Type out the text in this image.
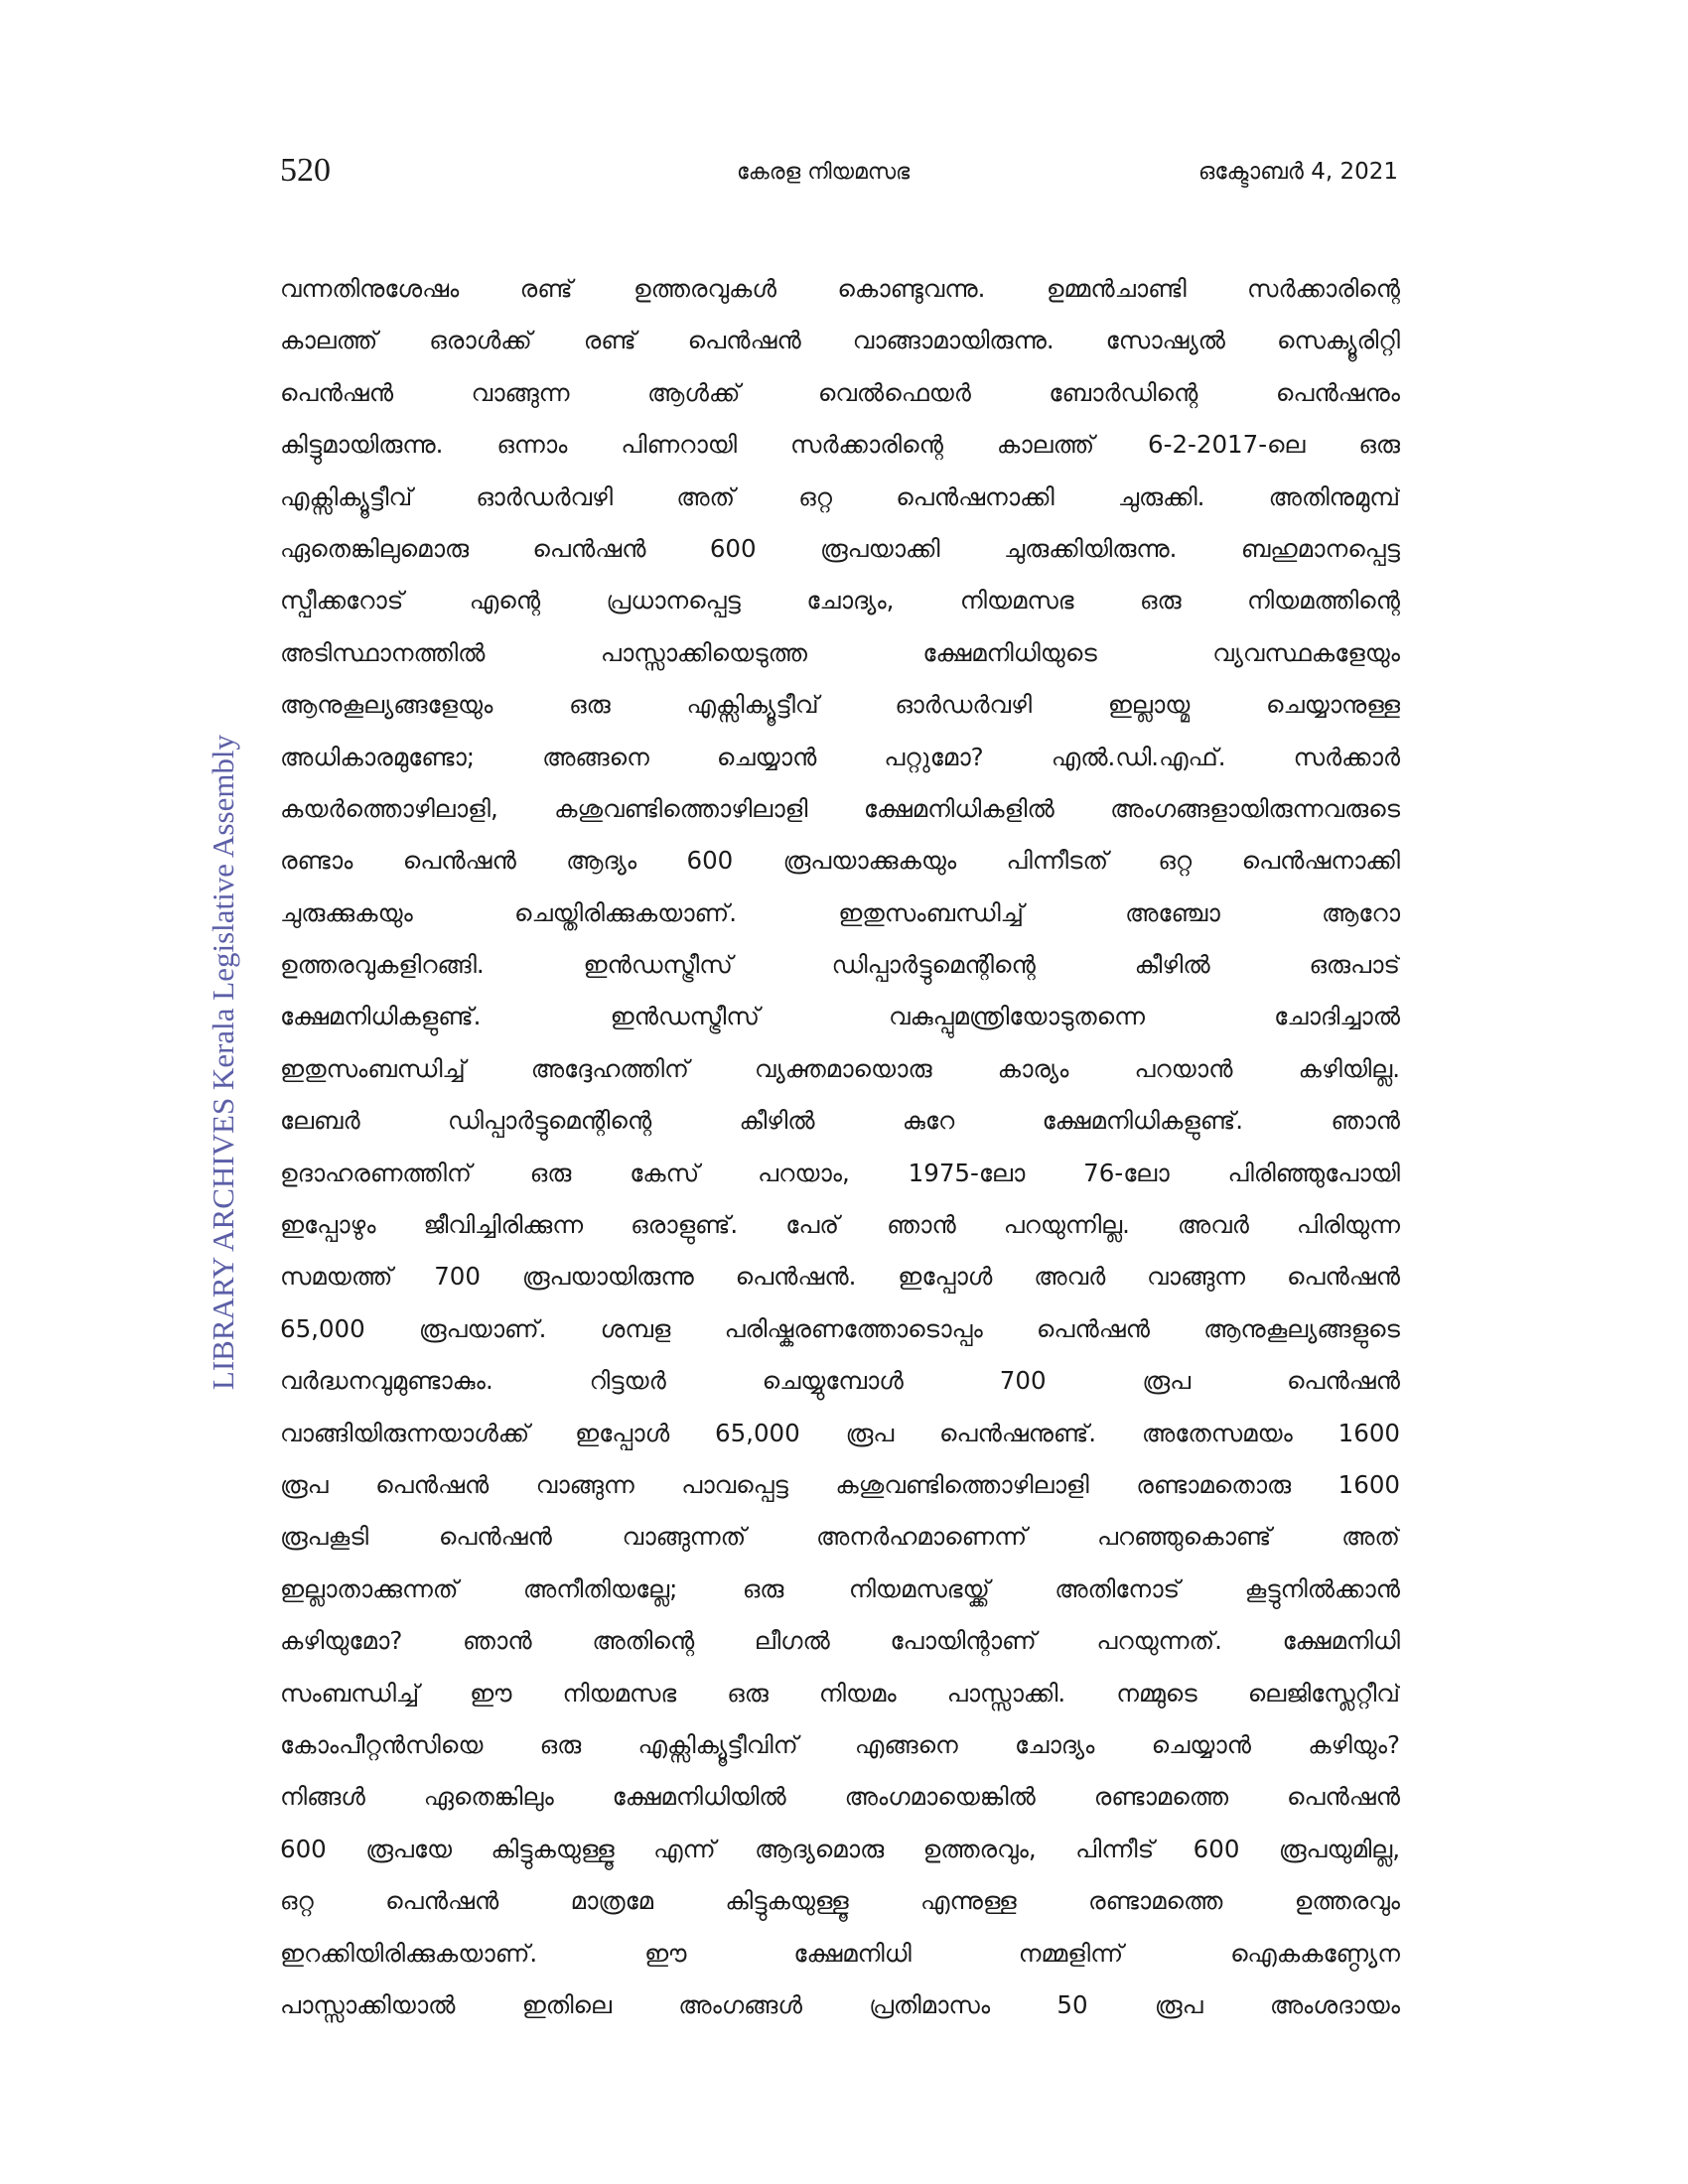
520	കേരള നിയമസഭ	ഒക്ടോബർ 4, 2021
LIBRARY ARCHIVES Kerala Legislative Assembly
വന്നതിനുശേഷം രണ്ട് ഉത്തരവുകൾ കൊണ്ടുവന്നു. ഉമ്മൻചാണ്ടി സർക്കാരിന്റെ
കാലത്ത് ഒരാൾക്ക് രണ്ട് പെൻഷൻ വാങ്ങാമായിരുന്നു. സോഷ്യൽ സെക്യൂരിറ്റി
പെൻഷൻ വാങ്ങുന്ന ആൾക്ക് വെൽഫെയർ ബോർഡിന്റെ പെൻഷനും
കിട്ടുമായിരുന്നു. ഒന്നാം പിണറായി സർക്കാരിന്റെ കാലത്ത് 6-2-2017-ലെ ഒരു
എക്സിക്യൂട്ടീവ് ഓർഡർവഴി അത് ഒറ്റ പെൻഷനാക്കി ചുരുക്കി. അതിനുമുമ്പ്
ഏതെങ്കിലുമൊരു പെൻഷൻ 600 രൂപയാക്കി ചുരുക്കിയിരുന്നു. ബഹുമാനപ്പെട്ട
സ്പീക്കറോട് എന്റെ പ്രധാനപ്പെട്ട ചോദ്യം, നിയമസഭ ഒരു നിയമത്തിന്റെ
അടിസ്ഥാനത്തിൽ പാസ്സാക്കിയെടുത്ത ക്ഷേമനിധിയുടെ വ്യവസ്ഥകളേയും
ആനുകൂല്യങ്ങളേയും ഒരു എക്സിക്യൂട്ടീവ് ഓർഡർവഴി ഇല്ലായ്മ ചെയ്യാനുള്ള
അധികാരമുണ്ടോ; അങ്ങനെ ചെയ്യാൻ പറ്റുമോ? എൽ.ഡി.എഫ്. സർക്കാർ
കയർത്തൊഴിലാളി, കശുവണ്ടിത്തൊഴിലാളി ക്ഷേമനിധികളിൽ അംഗങ്ങളായിരുന്നവരുടെ
രണ്ടാം പെൻഷൻ ആദ്യം 600 രൂപയാക്കുകയും പിന്നീടത് ഒറ്റ പെൻഷനാക്കി
ചുരുക്കുകയും ചെയ്തിരിക്കുകയാണ്. ഇതുസംബന്ധിച്ച് അഞ്ചോ ആറോ
ഉത്തരവുകളിറങ്ങി. ഇൻഡസ്ട്രീസ് ഡിപ്പാർട്ടുമെന്റിന്റെ കീഴിൽ ഒരുപാട്
ക്ഷേമനിധികളുണ്ട്. ഇൻഡസ്ട്രീസ് വകുപ്പുമന്ത്രിയോടുതന്നെ ചോദിച്ചാൽ
ഇതുസംബന്ധിച്ച് അദ്ദേഹത്തിന് വ്യക്തമായൊരു കാര്യം പറയാൻ കഴിയില്ല.
ലേബർ ഡിപ്പാർട്ടുമെന്റിന്റെ കീഴിൽ കുറേ ക്ഷേമനിധികളുണ്ട്. ഞാൻ
ഉദാഹരണത്തിന് ഒരു കേസ് പറയാം, 1975-ലോ 76-ലോ പിരിഞ്ഞുപോയി
ഇപ്പോഴും ജീവിച്ചിരിക്കുന്ന ഒരാളുണ്ട്. പേര് ഞാൻ പറയുന്നില്ല. അവർ പിരിയുന്ന
സമയത്ത് 700 രൂപയായിരുന്നു പെൻഷൻ. ഇപ്പോൾ അവർ വാങ്ങുന്ന പെൻഷൻ
65,000 രൂപയാണ്. ശമ്പള പരിഷ്കരണത്തോടൊപ്പം പെൻഷൻ ആനുകൂല്യങ്ങളുടെ
വർദ്ധനവുമുണ്ടാകും. റിട്ടയർ ചെയ്യുമ്പോൾ 700 രൂപ പെൻഷൻ
വാങ്ങിയിരുന്നയാൾക്ക് ഇപ്പോൾ 65,000 രൂപ പെൻഷനുണ്ട്. അതേസമയം 1600
രൂപ പെൻഷൻ വാങ്ങുന്ന പാവപ്പെട്ട കശുവണ്ടിത്തൊഴിലാളി രണ്ടാമതൊരു 1600
രൂപകൂടി പെൻഷൻ വാങ്ങുന്നത് അനർഹമാണെന്ന് പറഞ്ഞുകൊണ്ട് അത്
ഇല്ലാതാക്കുന്നത് അനീതിയല്ലേ; ഒരു നിയമസഭയ്ക്ക് അതിനോട് കൂട്ടുനിൽക്കാൻ
കഴിയുമോ? ഞാൻ അതിന്റെ ലീഗൽ പോയിന്റാണ് പറയുന്നത്. ക്ഷേമനിധി
സംബന്ധിച്ച് ഈ നിയമസഭ ഒരു നിയമം പാസ്സാക്കി. നമ്മുടെ ലെജിസ്ലേറ്റീവ്
കോംപീറ്റൻസിയെ ഒരു എക്സിക്യൂട്ടീവിന് എങ്ങനെ ചോദ്യം ചെയ്യാൻ കഴിയും?
നിങ്ങൾ ഏതെങ്കിലും ക്ഷേമനിധിയിൽ അംഗമായെങ്കിൽ രണ്ടാമത്തെ പെൻഷൻ
600 രൂപയേ കിട്ടുകയുള്ളൂ എന്ന് ആദ്യമൊരു ഉത്തരവും, പിന്നീട് 600 രൂപയുമില്ല,
ഒറ്റ പെൻഷൻ മാത്രമേ കിട്ടുകയുള്ളൂ എന്നുള്ള രണ്ടാമത്തെ ഉത്തരവും
ഇറക്കിയിരിക്കുകയാണ്. ഈ ക്ഷേമനിധി നമ്മളിന്ന് ഐകകണ്ഠ്യേന
പാസ്സാക്കിയാൽ ഇതിലെ അംഗങ്ങൾ പ്രതിമാസം 50 രൂപ അംശദായം
